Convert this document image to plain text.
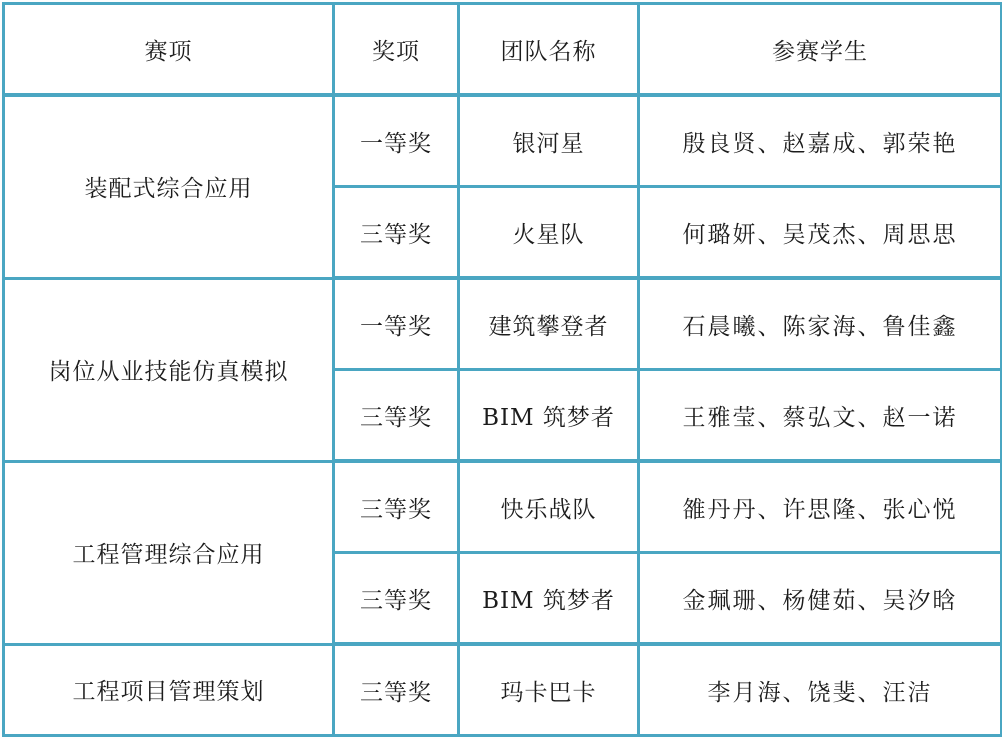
赛项	奖项	团队名称	参赛学生
装配式综合应用	一等奖	银河星	殷良贤、赵嘉成、郭荣艳
	三等奖	火星队	何璐妍、吴茂杰、周思思
岗位从业技能仿真模拟	一等奖	建筑攀登者	石晨曦、陈家海、鲁佳鑫
	三等奖	BIM 筑梦者	王雅莹、蔡弘文、赵一诺
工程管理综合应用	三等奖	快乐战队	雒丹丹、许思隆、张心悦
	三等奖	BIM 筑梦者	金珮珊、杨健茹、吴汐晗
工程项目管理策划	三等奖	玛卡巴卡	李月海、饶斐、汪洁
